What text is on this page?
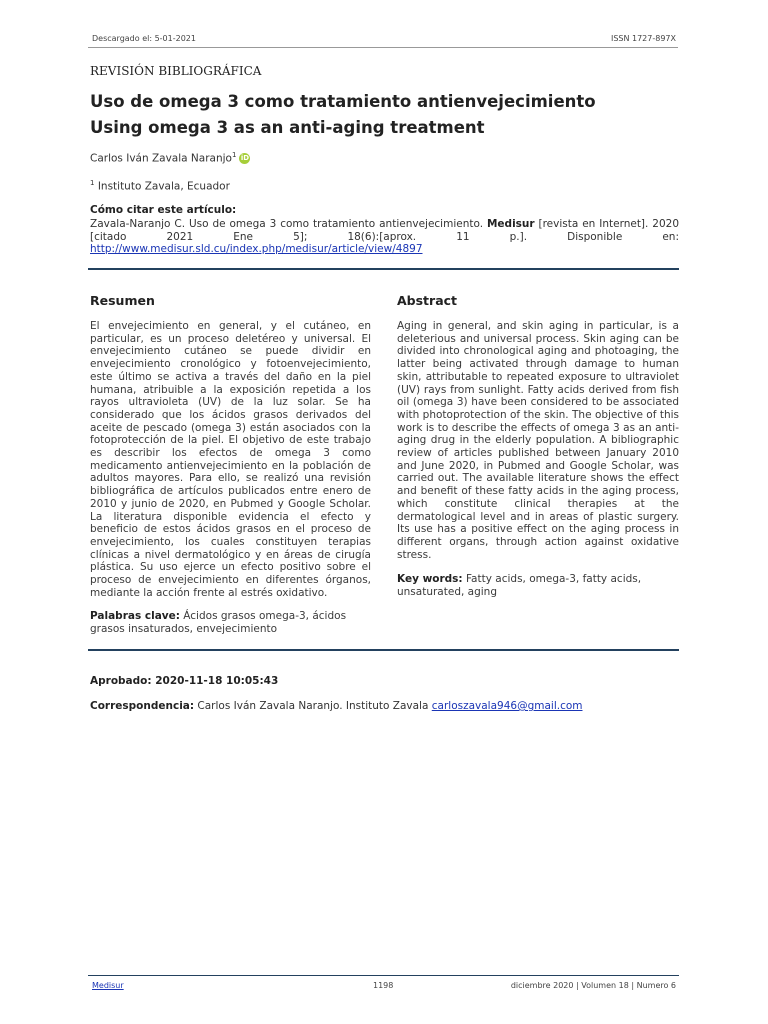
Descargado el: 5-01-2021	ISSN 1727-897X
REVISIÓN BIBLIOGRÁFICA
Uso de omega 3 como tratamiento antienvejecimiento
Using omega 3 as an anti-aging treatment
Carlos Iván Zavala Naranjo$^1$ iD
$^1$ Instituto Zavala, Ecuador
Cómo citar este artículo:
Zavala-Naranjo C. Uso de omega 3 como tratamiento antienvejecimiento. Medisur [revista en Internet]. 2020 [citado 2021 Ene 5]; 18(6):[aprox. 11 p.]. Disponible en: http://www.medisur.sld.cu/index.php/medisur/article/view/4897
Resumen	Abstract
El envejecimiento en general, y el cutáneo, en particular, es un proceso deletéreo y universal. El envejecimiento cutáneo se puede dividir en envejecimiento cronológico y fotoenvejecimiento, este último se activa a través del daño en la piel humana, atribuible a la exposición repetida a los rayos ultravioleta (UV) de la luz solar. Se ha considerado que los ácidos grasos derivados del aceite de pescado (omega 3) están asociados con la fotoprotección de la piel. El objetivo de este trabajo es describir los efectos de omega 3 como medicamento antienvejecimiento en la población de adultos mayores. Para ello, se realizó una revisión bibliográfica de artículos publicados entre enero de 2010 y junio de 2020, en Pubmed y Google Scholar. La literatura disponible evidencia el efecto y beneficio de estos ácidos grasos en el proceso de envejecimiento, los cuales constituyen terapias clínicas a nivel dermatológico y en áreas de cirugía plástica. Su uso ejerce un efecto positivo sobre el proceso de envejecimiento en diferentes órganos, mediante la acción frente al estrés oxidativo.
Aging in general, and skin aging in particular, is a deleterious and universal process. Skin aging can be divided into chronological aging and photoaging, the latter being activated through damage to human skin, attributable to repeated exposure to ultraviolet (UV) rays from sunlight. Fatty acids derived from fish oil (omega 3) have been considered to be associated with photoprotection of the skin. The objective of this work is to describe the effects of omega 3 as an anti-aging drug in the elderly population. A bibliographic review of articles published between January 2010 and June 2020, in Pubmed and Google Scholar, was carried out. The available literature shows the effect and benefit of these fatty acids in the aging process, which constitute clinical therapies at the dermatological level and in areas of plastic surgery. Its use has a positive effect on the aging process in different organs, through action against oxidative stress.
Palabras clave: Ácidos grasos omega-3, ácidos grasos insaturados, envejecimiento
Key words: Fatty acids, omega-3, fatty acids, unsaturated, aging
Aprobado: 2020-11-18 10:05:43
Correspondencia: Carlos Iván Zavala Naranjo. Instituto Zavala carloszavala946@gmail.com
Medisur	1198	diciembre 2020 | Volumen 18 | Numero 6
